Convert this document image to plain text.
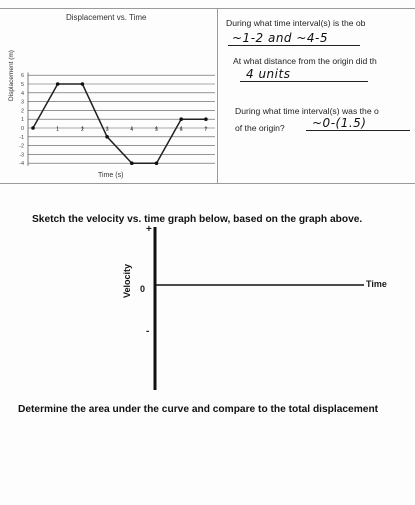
Displacement vs. Time
Displacement (m)
Time (s)
6
5
4
3
2
1
0
-1
-2
-3
-4
1	2	3	4	5	6	7
During what time interval(s) is the ob
~1-2 and ~4-5
At what distance from the origin did th
4 units
During what time interval(s) was the o
of the origin? ~0-(1.5)
Sketch the velocity vs. time graph below, based on the graph above.
+
0
-
Velocity	Time
Determine the area under the curve and compare to the total displacement
